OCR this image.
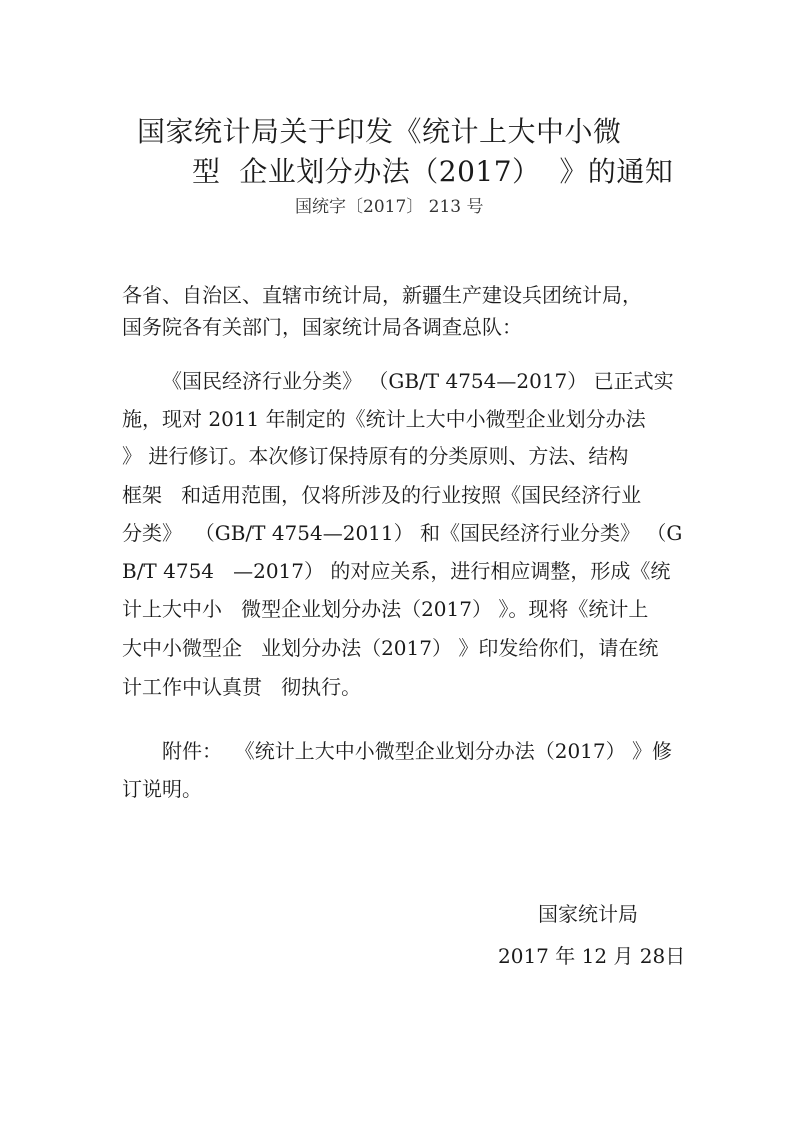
国家统计局关于印发《统计上大中小微
型  企业划分办法（2017）  》的通知
国统字〔2017〕 213 号
各省、自治区、直辖市统计局，新疆生产建设兵团统计局，
国务院各有关部门，国家统计局各调查总队：
《国民经济行业分类》 （GB/T 4754—2017） 已正式实
施，现对 2011 年制定的《统计上大中小微型企业划分办法
》 进行修订。本次修订保持原有的分类原则、方法、结构
框架   和适用范围，仅将所涉及的行业按照《国民经济行业
分类》  （GB/T 4754—2011） 和《国民经济行业分类》 （G
B/T 4754   —2017） 的对应关系，进行相应调整，形成《统
计上大中小   微型企业划分办法（2017） 》。现将《统计上
大中小微型企   业划分办法（2017） 》印发给你们，请在统
计工作中认真贯   彻执行。
附件：  《统计上大中小微型企业划分办法（2017） 》修
订说明。
国家统计局
2017 年 12 月 28日
